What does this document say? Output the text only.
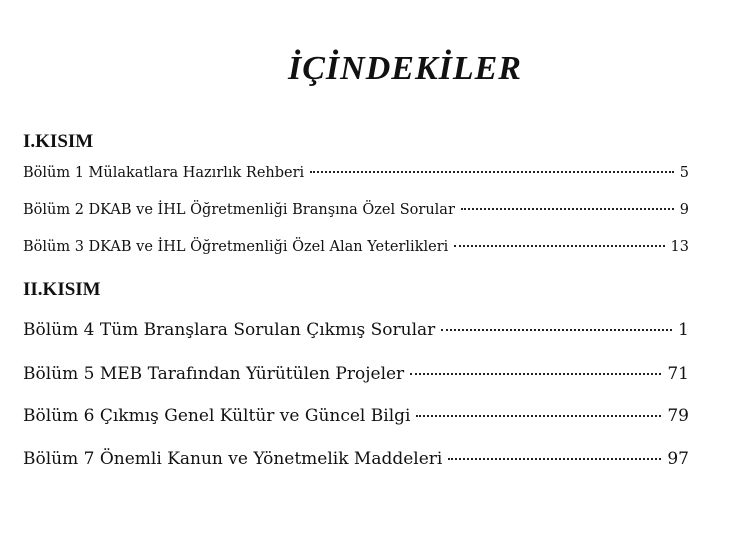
İÇİNDEKİLER
I.KISIM
Bölüm 1 Mülakatlara Hazırlık Rehberi	5
Bölüm 2 DKAB ve İHL Öğretmenliği Branşına Özel Sorular	9
Bölüm 3 DKAB ve İHL Öğretmenliği Özel Alan Yeterlikleri	13
II.KISIM
Bölüm 4 Tüm Branşlara Sorulan Çıkmış Sorular	1
Bölüm 5 MEB Tarafından Yürütülen Projeler	71
Bölüm 6 Çıkmış Genel Kültür ve Güncel Bilgi	79
Bölüm 7 Önemli Kanun ve Yönetmelik Maddeleri	97
